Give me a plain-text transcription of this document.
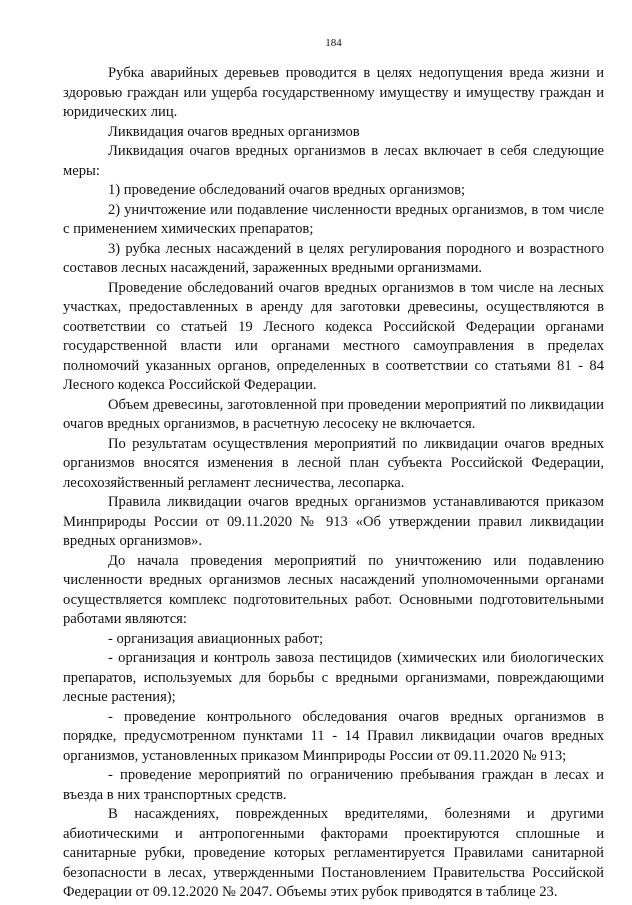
184

Рубка аварийных деревьев проводится в целях недопущения вреда жизни и здоровью граждан или ущерба государственному имуществу и имуществу граждан и юридических лиц.

Ликвидация очагов вредных организмов

Ликвидация очагов вредных организмов в лесах включает в себя следующие меры:

1) проведение обследований очагов вредных организмов;

2) уничтожение или подавление численности вредных организмов, в том числе с применением химических препаратов;

3) рубка лесных насаждений в целях регулирования породного и возрастного составов лесных насаждений, зараженных вредными организмами.

Проведение обследований очагов вредных организмов в том числе на лесных участках, предоставленных в аренду для заготовки древесины, осуществляются в соответствии со статьей 19 Лесного кодекса Российской Федерации органами государственной власти или органами местного самоуправления в пределах полномочий указанных органов, определенных в соответствии со статьями 81 - 84 Лесного кодекса Российской Федерации.

Объем древесины, заготовленной при проведении мероприятий по ликвидации очагов вредных организмов, в расчетную лесосеку не включается.

По результатам осуществления мероприятий по ликвидации очагов вредных организмов вносятся изменения в лесной план субъекта Российской Федерации, лесохозяйственный регламент лесничества, лесопарка.

Правила ликвидации очагов вредных организмов устанавливаются приказом Минприроды России от 09.11.2020 № 913 «Об утверждении правил ликвидации вредных организмов».

До начала проведения мероприятий по уничтожению или подавлению численности вредных организмов лесных насаждений уполномоченными органами осуществляется комплекс подготовительных работ. Основными подготовительными работами являются:

- организация авиационных работ;

- организация и контроль завоза пестицидов (химических или биологических препаратов, используемых для борьбы с вредными организмами, повреждающими лесные растения);

- проведение контрольного обследования очагов вредных организмов в порядке, предусмотренном пунктами 11 - 14 Правил ликвидации очагов вредных организмов, установленных приказом Минприроды России от 09.11.2020 № 913;

- проведение мероприятий по ограничению пребывания граждан в лесах и въезда в них транспортных средств.

В насаждениях, поврежденных вредителями, болезнями и другими абиотическими и антропогенными факторами проектируются сплошные и санитарные рубки, проведение которых регламентируется Правилами санитарной безопасности в лесах, утвержденными Постановлением Правительства Российской Федерации от 09.12.2020 № 2047. Объемы этих рубок приводятся в таблице 23.
